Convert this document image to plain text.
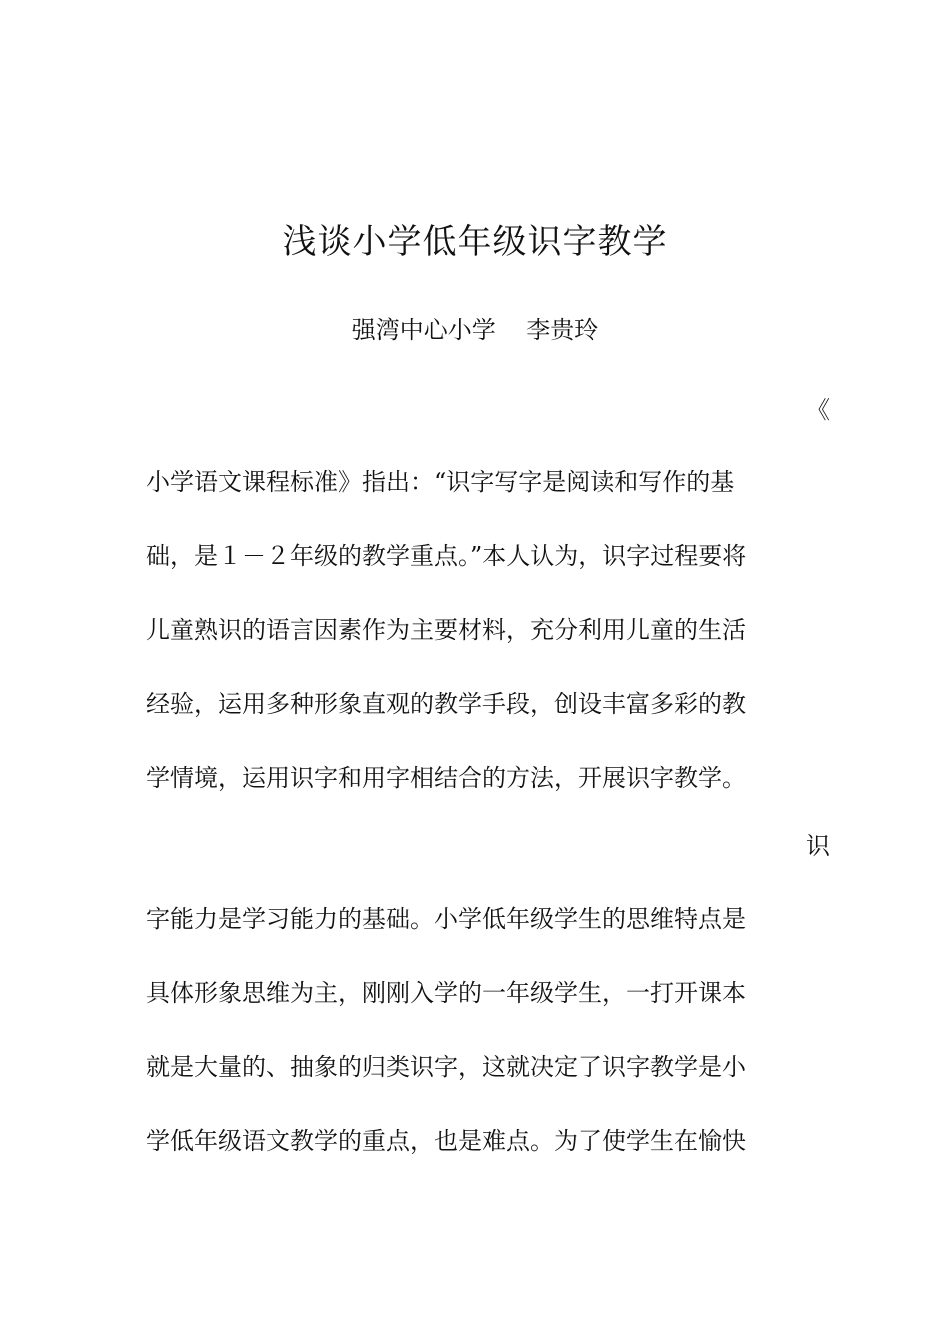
浅谈小学低年级识字教学
强湾中心小学    李贵玲
《
小学语文课程标准》指出：“识字写字是阅读和写作的基
础，是１－２年级的教学重点。”本人认为，识字过程要将
儿童熟识的语言因素作为主要材料，充分利用儿童的生活
经验，运用多种形象直观的教学手段，创设丰富多彩的教
学情境，运用识字和用字相结合的方法，开展识字教学。
识
字能力是学习能力的基础。小学低年级学生的思维特点是
具体形象思维为主，刚刚入学的一年级学生，一打开课本
就是大量的、抽象的归类识字，这就决定了识字教学是小
学低年级语文教学的重点，也是难点。为了使学生在愉快
